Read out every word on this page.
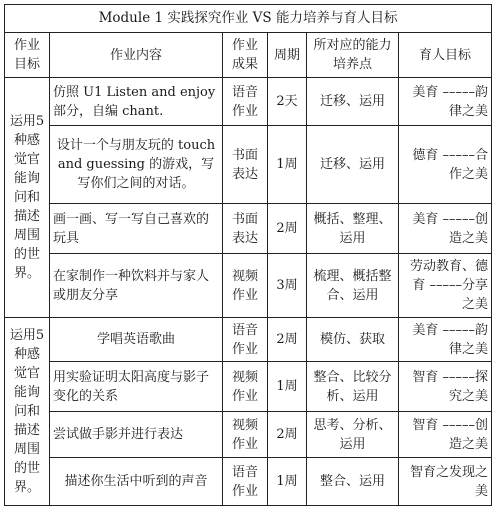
Module 1 实践探究作业 VS 能力培养与育人目标					
作业目标	作业内容	作业成果	周期	所对应的能力培养点	育人目标
运用5种感觉官能询问和描述周围的世界。	仿照 U1 Listen and enjoy 部分，自编 chant.	语音作业	2天	迁移、运用	美育 –––––韵律之美
	设计一个与朋友玩的 touch and guessing 的游戏，写写你们之间的对话。	书面表达	1周	迁移、运用	德育 –––––合作之美
	画一画、写一写自己喜欢的玩具	书面表达	2周	概括、整理、运用	美育 –––––创造之美
	在家制作一种饮料并与家人或朋友分享	视频作业	3周	梳理、概括整合、运用	劳动教育、德育 –––––分享之美
运用5种感觉官能询问和描述周围的世界。	学唱英语歌曲	语音作业	2周	模仿、获取	美育 –––––韵律之美
	用实验证明太阳高度与影子变化的关系	视频作业	1周	整合、比较分析、运用	智育 –––––探究之美
	尝试做手影并进行表达	视频作业	2周	思考、分析、运用	智育 –––––创造之美
	描述你生活中听到的声音	语音作业	1周	整合、运用	智育之发现之美
